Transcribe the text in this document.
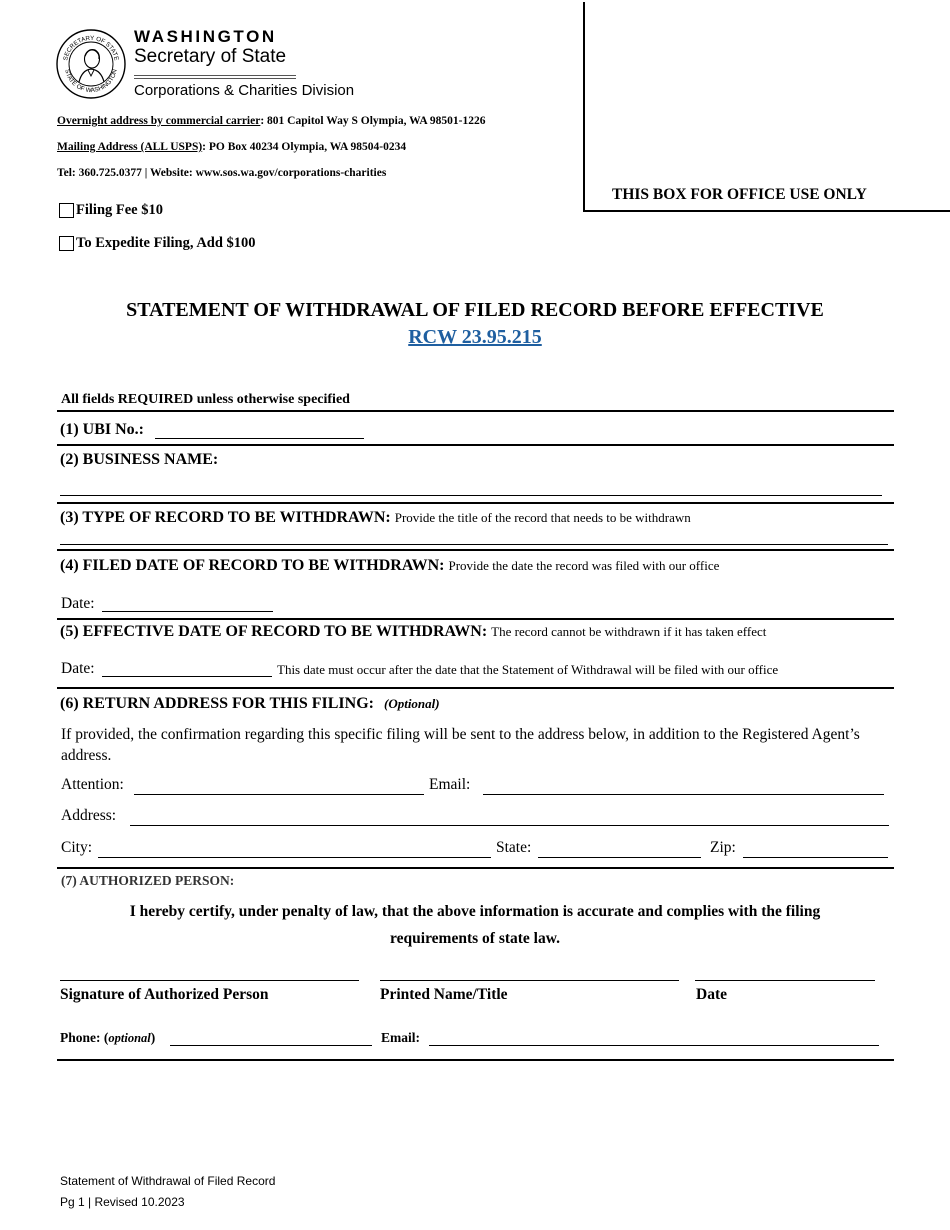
SECRETARY OF STATE
STATE OF WASHINGTON
WASHINGTON
Secretary of State
Corporations & Charities Division
Overnight address by commercial carrier: 801 Capitol Way S Olympia, WA 98501-1226
Mailing Address (ALL USPS): PO Box 40234 Olympia, WA 98504-0234
Tel: 360.725.0377 | Website: www.sos.wa.gov/corporations-charities
THIS BOX FOR OFFICE USE ONLY
Filing Fee $10
To Expedite Filing, Add $100
STATEMENT OF WITHDRAWAL OF FILED RECORD BEFORE EFFECTIVE
RCW 23.95.215
All fields REQUIRED unless otherwise specified
(1) UBI No.:
(2) BUSINESS NAME:
(3) TYPE OF RECORD TO BE WITHDRAWN: Provide the title of the record that needs to be withdrawn
(4) FILED DATE OF RECORD TO BE WITHDRAWN: Provide the date the record was filed with our office
Date:
(5) EFFECTIVE DATE OF RECORD TO BE WITHDRAWN: The record cannot be withdrawn if it has taken effect
Date:	This date must occur after the date that the Statement of Withdrawal will be filed with our office
(6) RETURN ADDRESS FOR THIS FILING: (Optional)
If provided, the confirmation regarding this specific filing will be sent to the address below, in addition to the Registered Agent’s address.
Attention:	Email:
Address:
City:	State:	Zip:
(7) AUTHORIZED PERSON:
I hereby certify, under penalty of law, that the above information is accurate and complies with the filing requirements of state law.
Signature of Authorized Person	Printed Name/Title	Date
Phone: (optional)	Email:
Statement of Withdrawal of Filed Record
Pg 1 | Revised 10.2023
